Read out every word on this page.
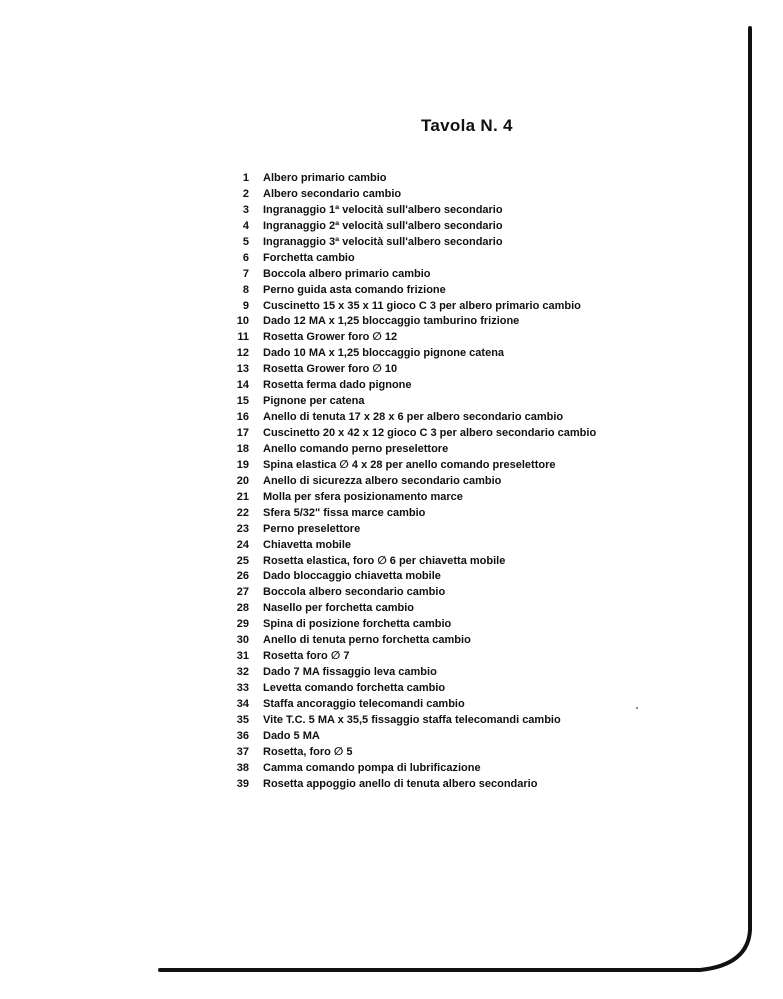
Tavola N. 4
1 Albero primario cambio
2 Albero secondario cambio
3 Ingranaggio 1ª velocità sull'albero secondario
4 Ingranaggio 2ª velocità sull'albero secondario
5 Ingranaggio 3ª velocità sull'albero secondario
6 Forchetta cambio
7 Boccola albero primario cambio
8 Perno guida asta comando frizione
9 Cuscinetto 15 x 35 x 11 gioco C 3 per albero primario cambio
10 Dado 12 MA x 1,25 bloccaggio tamburino frizione
11 Rosetta Grower foro ∅ 12
12 Dado 10 MA x 1,25 bloccaggio pignone catena
13 Rosetta Grower foro ∅ 10
14 Rosetta ferma dado pignone
15 Pignone per catena
16 Anello di tenuta 17 x 28 x 6 per albero secondario cambio
17 Cuscinetto 20 x 42 x 12 gioco C 3 per albero secondario cambio
18 Anello comando perno preselettore
19 Spina elastica ∅ 4 x 28 per anello comando preselettore
20 Anello di sicurezza albero secondario cambio
21 Molla per sfera posizionamento marce
22 Sfera 5/32" fissa marce cambio
23 Perno preselettore
24 Chiavetta mobile
25 Rosetta elastica, foro ∅ 6 per chiavetta mobile
26 Dado bloccaggio chiavetta mobile
27 Boccola albero secondario cambio
28 Nasello per forchetta cambio
29 Spina di posizione forchetta cambio
30 Anello di tenuta perno forchetta cambio
31 Rosetta foro ∅ 7
32 Dado 7 MA fissaggio leva cambio
33 Levetta comando forchetta cambio
34 Staffa ancoraggio telecomandi cambio
35 Vite T.C. 5 MA x 35,5 fissaggio staffa telecomandi cambio
36 Dado 5 MA
37 Rosetta, foro ∅ 5
38 Camma comando pompa di lubrificazione
39 Rosetta appoggio anello di tenuta albero secondario
